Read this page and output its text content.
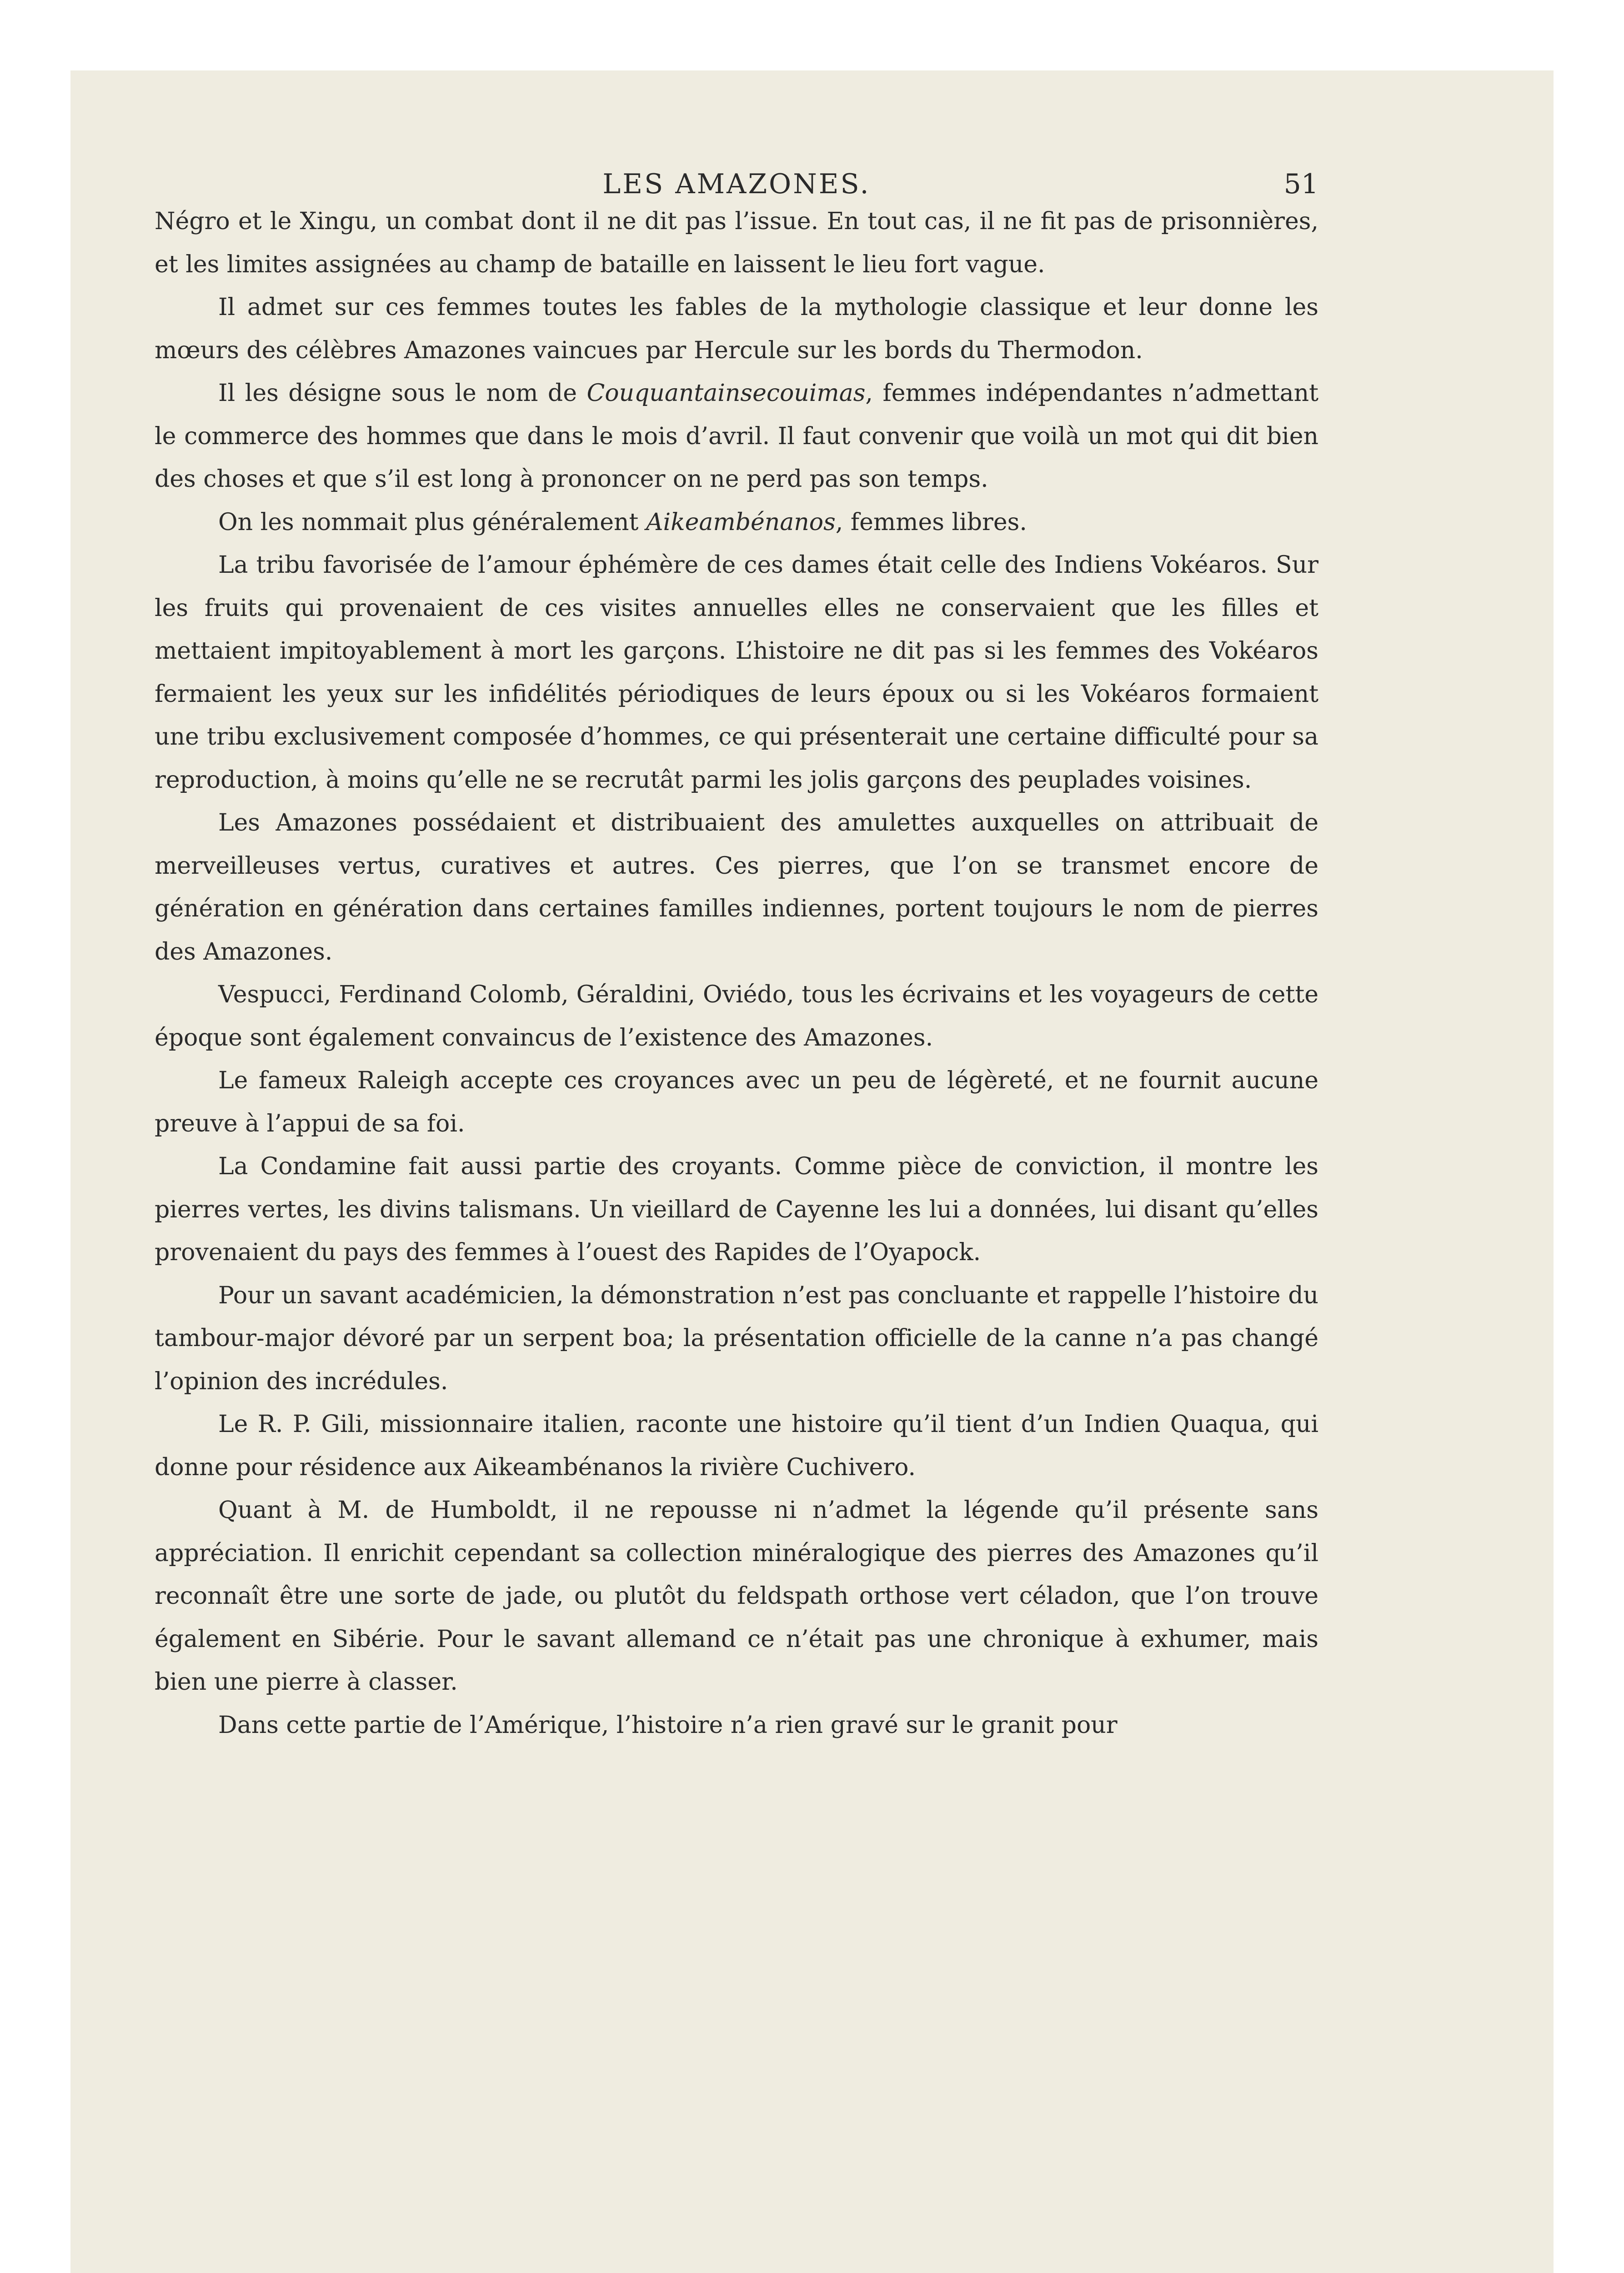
LES AMAZONES.	51

Négro et le Xingu, un combat dont il ne dit pas l’issue. En tout cas, il ne fit pas de prisonnières, et les limites assignées au champ de bataille en laissent le lieu fort vague.

Il admet sur ces femmes toutes les fables de la mythologie classique et leur donne les mœurs des célèbres Amazones vaincues par Hercule sur les bords du Thermodon.

Il les désigne sous le nom de Couquantainsecouimas, femmes indépendantes n’admettant le commerce des hommes que dans le mois d’avril. Il faut convenir que voilà un mot qui dit bien des choses et que s’il est long à prononcer on ne perd pas son temps.

On les nommait plus généralement Aikeambénanos, femmes libres.

La tribu favorisée de l’amour éphémère de ces dames était celle des Indiens Vokéaros. Sur les fruits qui provenaient de ces visites annuelles elles ne conservaient que les filles et mettaient impitoyablement à mort les garçons. L’histoire ne dit pas si les femmes des Vokéaros fermaient les yeux sur les infidélités périodiques de leurs époux ou si les Vokéaros formaient une tribu exclusivement composée d’hommes, ce qui présenterait une certaine difficulté pour sa reproduction, à moins qu’elle ne se recrutât parmi les jolis garçons des peuplades voisines.

Les Amazones possédaient et distribuaient des amulettes auxquelles on attribuait de merveilleuses vertus, curatives et autres. Ces pierres, que l’on se transmet encore de génération en génération dans certaines familles indiennes, portent toujours le nom de pierres des Amazones.

Vespucci, Ferdinand Colomb, Géraldini, Oviédo, tous les écrivains et les voyageurs de cette époque sont également convaincus de l’existence des Amazones.

Le fameux Raleigh accepte ces croyances avec un peu de légèreté, et ne fournit aucune preuve à l’appui de sa foi.

La Condamine fait aussi partie des croyants. Comme pièce de conviction, il montre les pierres vertes, les divins talismans. Un vieillard de Cayenne les lui a données, lui disant qu’elles provenaient du pays des femmes à l’ouest des Rapides de l’Oyapock.

Pour un savant académicien, la démonstration n’est pas concluante et rappelle l’histoire du tambour-major dévoré par un serpent boa; la présentation officielle de la canne n’a pas changé l’opinion des incrédules.

Le R. P. Gili, missionnaire italien, raconte une histoire qu’il tient d’un Indien Quaqua, qui donne pour résidence aux Aikeambénanos la rivière Cuchivero.

Quant à M. de Humboldt, il ne repousse ni n’admet la légende qu’il présente sans appréciation. Il enrichit cependant sa collection minéralogique des pierres des Amazones qu’il reconnaît être une sorte de jade, ou plutôt du feldspath orthose vert céladon, que l’on trouve également en Sibérie. Pour le savant allemand ce n’était pas une chronique à exhumer, mais bien une pierre à classer.

Dans cette partie de l’Amérique, l’histoire n’a rien gravé sur le granit pour
